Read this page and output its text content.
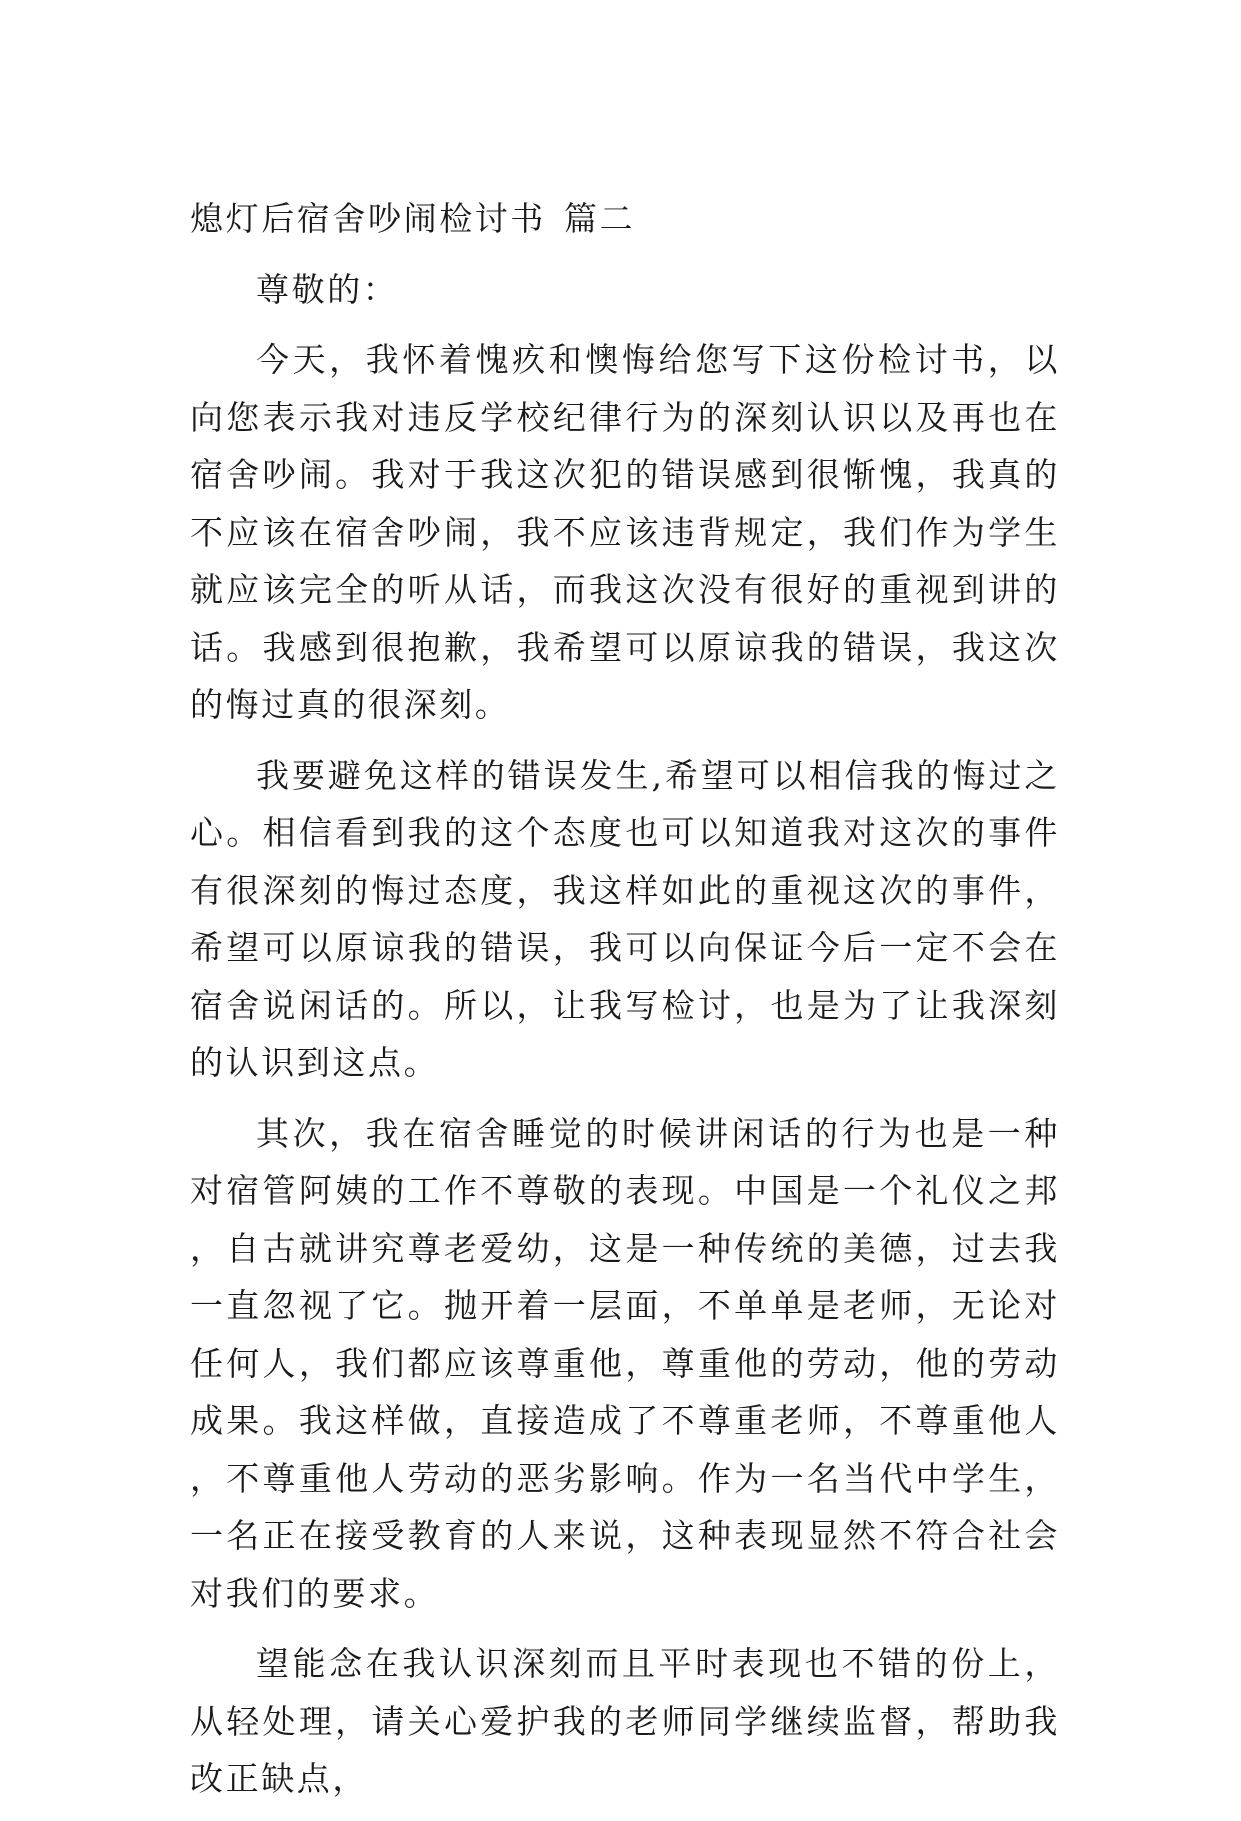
熄灯后宿舍吵闹检讨书 篇二

尊敬的：

今天，我怀着愧疚和懊悔给您写下这份检讨书，以向您表示我对违反学校纪律行为的深刻认识以及再也在宿舍吵闹。我对于我这次犯的错误感到很惭愧，我真的不应该在宿舍吵闹，我不应该违背规定，我们作为学生就应该完全的听从话，而我这次没有很好的重视到讲的话。我感到很抱歉，我希望可以原谅我的错误，我这次的悔过真的很深刻。

我要避免这样的错误发生,希望可以相信我的悔过之心。相信看到我的这个态度也可以知道我对这次的事件有很深刻的悔过态度，我这样如此的重视这次的事件，希望可以原谅我的错误，我可以向保证今后一定不会在宿舍说闲话的。所以，让我写检讨，也是为了让我深刻的认识到这点。

其次，我在宿舍睡觉的时候讲闲话的行为也是一种对宿管阿姨的工作不尊敬的表现。中国是一个礼仪之邦，自古就讲究尊老爱幼，这是一种传统的美德，过去我一直忽视了它。抛开着一层面，不单单是老师，无论对任何人，我们都应该尊重他，尊重他的劳动，他的劳动成果。我这样做，直接造成了不尊重老师，不尊重他人，不尊重他人劳动的恶劣影响。作为一名当代中学生，一名正在接受教育的人来说，这种表现显然不符合社会对我们的要求。

望能念在我认识深刻而且平时表现也不错的份上，从轻处理，请关心爱护我的老师同学继续监督，帮助我改正缺点，
